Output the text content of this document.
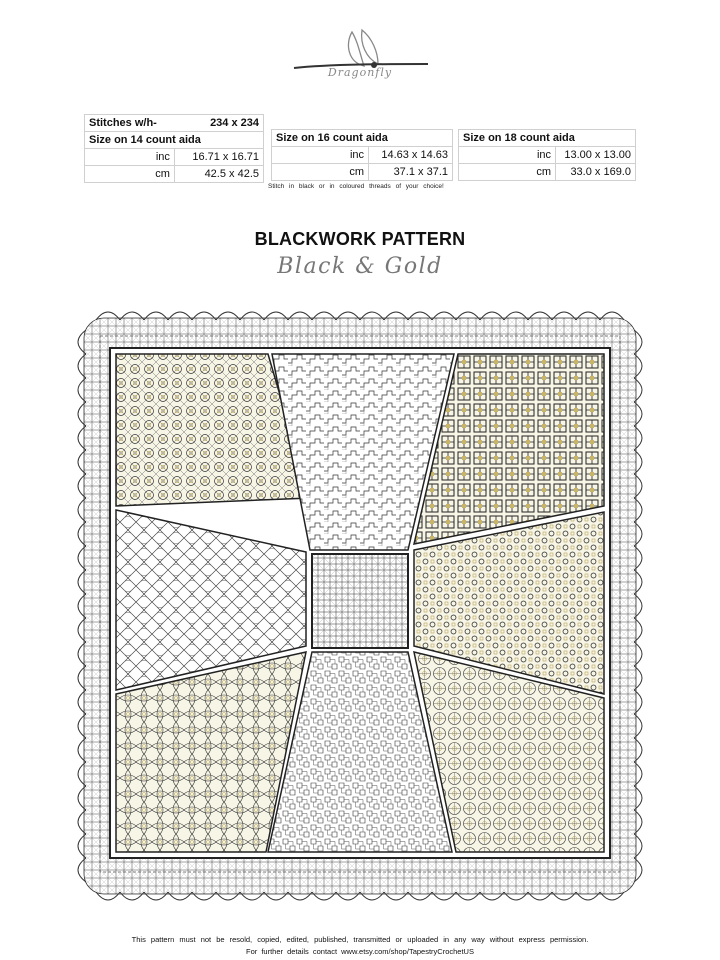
Dragonfly
Stitches w/h-	234 x 234
Size on 14 count aida	
inc	16.71 x 16.71
cm	42.5 x 42.5
Size on 16 count aida	
inc	14.63 x 14.63
cm	37.1 x 37.1
Size on 18 count aida	
inc	13.00 x 13.00
cm	33.0 x 169.0
Stitch in black or in coloured threads of your choice!
BLACKWORK PATTERN
Black & Gold
This pattern must not be resold, copied, edited, published, transmitted or uploaded in any way without express permission.
For further details contact www.etsy.com/shop/TapestryCrochetUS
